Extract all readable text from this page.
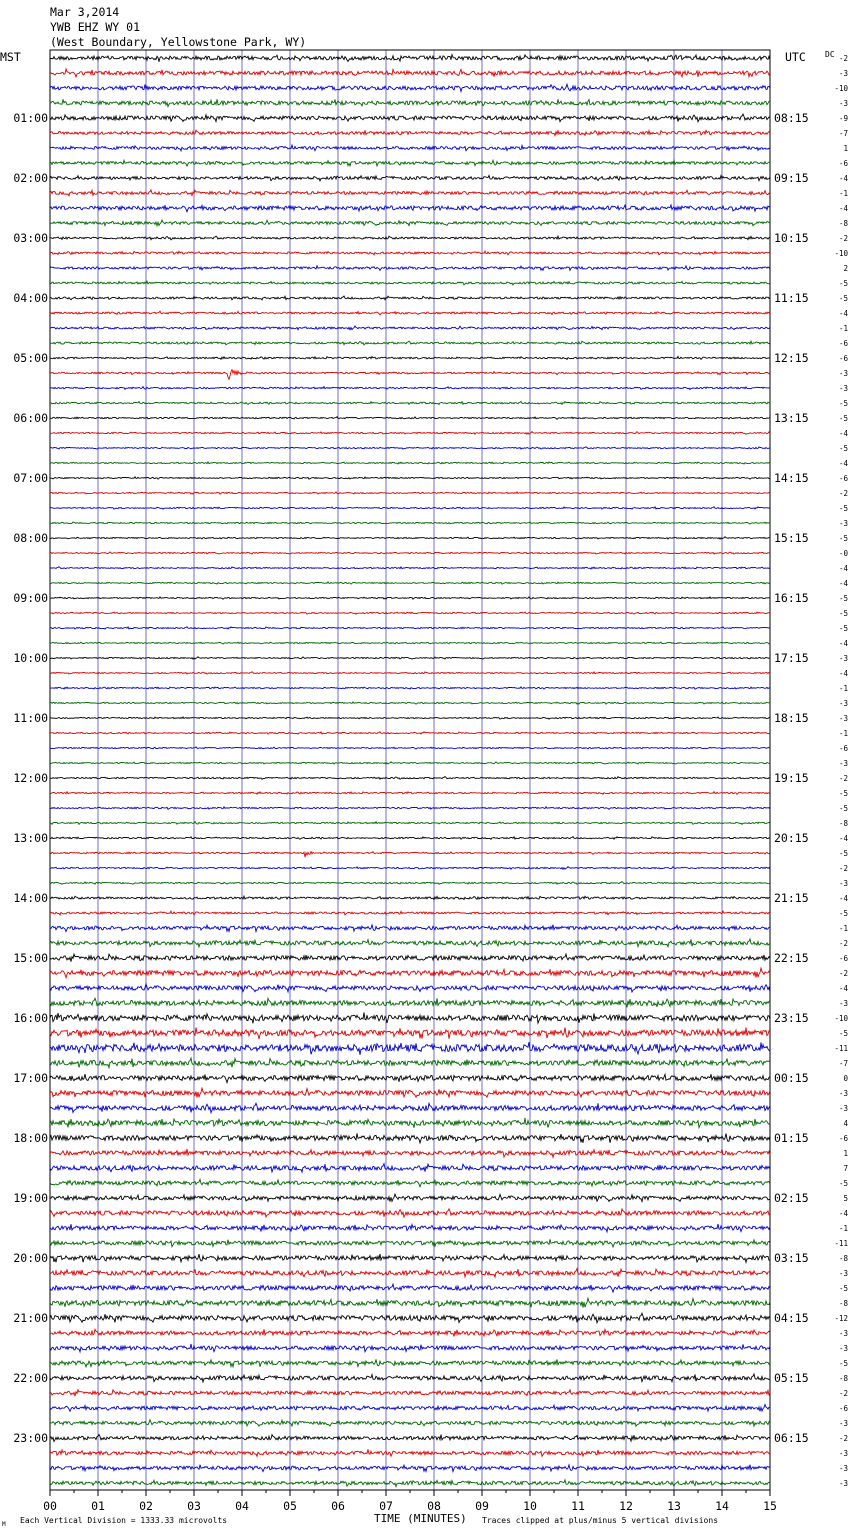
Mar 3,2014
YWB EHZ WY 01
(West Boundary, Yellowstone Park, WY)
MST	UTC DC -2
-3
-10
-3
-9
-7
1
-6
-4
-1
-4
-8
-2
-10
2
-5
-5
-4
-1
-6
-6
-3
-3
-5
-5
-4
-5
-4
-6
-2
-5
-3
-5
-0
-4
-4
-5
-5
-5
-4
-3
-4
-1
-3
-3
-1
-6
-3
-2
-5
-5
-8
-4
-5
-2
-3
-4
-5
-1
-2
-6
-2
-4
-3
-10
-5
-11
-7
0
-3
-3
4
-6
1
7
-5
5
-4
-1
-11
-8
-3
-5
-8
-12
-3
-3
-5
-8
-2
-6
-3
-2
-3
-3
-3
01:00
02:00
03:00
04:00
05:00
06:00
07:00
08:00
09:00
10:00
11:00
12:00
13:00
14:00
15:00
16:00
17:00
18:00
19:00
20:00
21:00
22:00
23:00
08:15
09:15
10:15
11:15
12:15
13:15
14:15
15:15
16:15
17:15
18:15
19:15
20:15
21:15
22:15
23:15
00:15
01:15
02:15
03:15
04:15
05:15
06:15
00	01	02	03	04	05	06	07	08	09	10	11	12	13	14	15
M Each Vertical Division = 1333.33 microvolts	TIME (MINUTES) Traces clipped at plus/minus 5 vertical divisions
